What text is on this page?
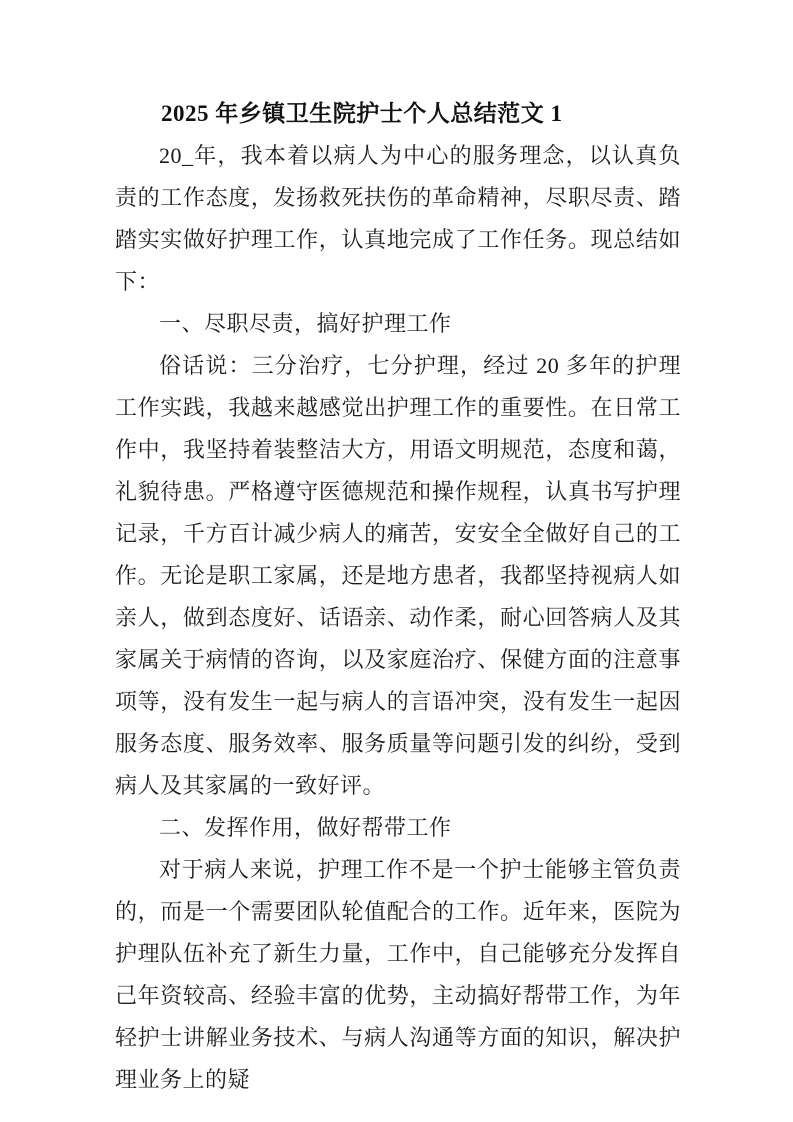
2025 年乡镇卫生院护士个人总结范文 1

20_年，我本着以病人为中心的服务理念，以认真负责的工作态度，发扬救死扶伤的革命精神，尽职尽责、踏踏实实做好护理工作，认真地完成了工作任务。现总结如下：

一、尽职尽责，搞好护理工作

俗话说：三分治疗，七分护理，经过 20 多年的护理工作实践，我越来越感觉出护理工作的重要性。在日常工作中，我坚持着装整洁大方，用语文明规范，态度和蔼，礼貌待患。严格遵守医德规范和操作规程，认真书写护理记录，千方百计减少病人的痛苦，安安全全做好自己的工作。无论是职工家属，还是地方患者，我都坚持视病人如亲人，做到态度好、话语亲、动作柔，耐心回答病人及其家属关于病情的咨询，以及家庭治疗、保健方面的注意事项等，没有发生一起与病人的言语冲突，没有发生一起因服务态度、服务效率、服务质量等问题引发的纠纷，受到病人及其家属的一致好评。

二、发挥作用，做好帮带工作

对于病人来说，护理工作不是一个护士能够主管负责的，而是一个需要团队轮值配合的工作。近年来，医院为护理队伍补充了新生力量，工作中，自己能够充分发挥自己年资较高、经验丰富的优势，主动搞好帮带工作，为年轻护士讲解业务技术、与病人沟通等方面的知识，解决护理业务上的疑
